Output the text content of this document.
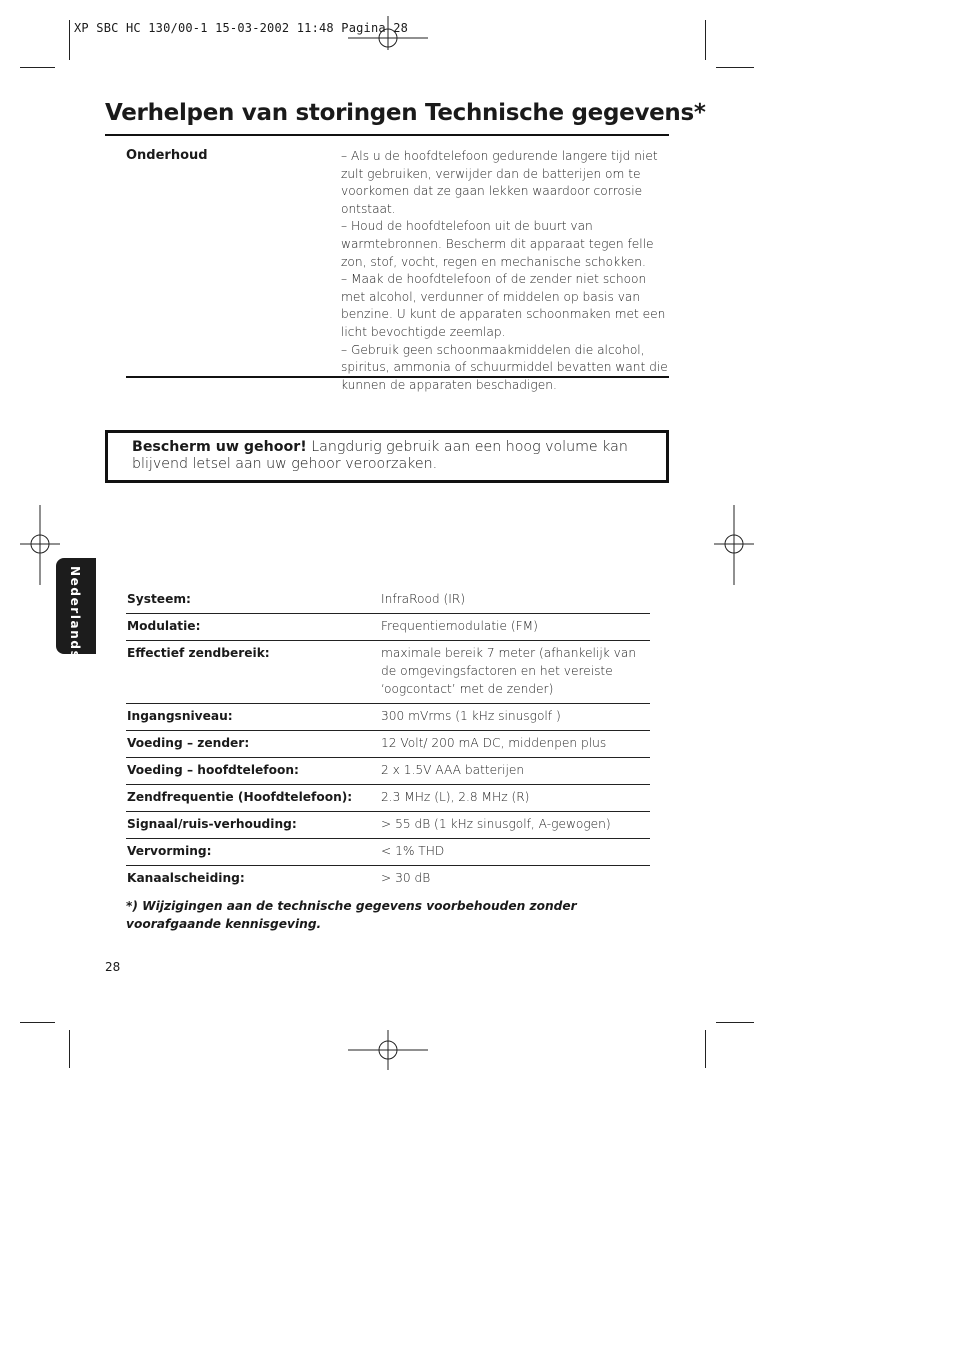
XP SBC HC 130/00-1 15-03-2002 11:48 Pagina 28
Verhelpen van storingen Technische gegevens*
Onderhoud	– Als u de hoofdtelefoon gedurende langere tijd niet zult gebruiken, verwijder dan de batterijen om te voorkomen dat ze gaan lekken waardoor corrosie ontstaat.

– Houd de hoofdtelefoon uit de buurt van warmtebronnen. Bescherm dit apparaat tegen felle zon, stof, vocht, regen en mechanische schokken.

– Maak de hoofdtelefoon of de zender niet schoon met alcohol, verdunner of middelen op basis van benzine. U kunt de apparaten schoonmaken met een licht bevochtigde zeemlap.

– Gebruik geen schoonmaakmiddelen die alcohol, spiritus, ammonia of schuurmiddel bevatten want die kunnen de apparaten beschadigen.

Bescherm uw gehoor! Langdurig gebruik aan een hoog volume kan blijvend letsel aan uw gehoor veroorzaken.
Nederlands	Systeem:	InfraRood (IR)
Modulatie:	Frequentiemodulatie (FM)
Effectief zendbereik:	maximale bereik 7 meter (afhankelijk van de omgevingsfactoren en het vereiste ‘oogcontact’ met de zender)
Ingangsniveau:	300 mVrms (1 kHz sinusgolf )
Voeding – zender:	12 Volt/ 200 mA DC, middenpen plus
Voeding – hoofdtelefoon:	2 x 1.5V AAA batterijen
Zendfrequentie (Hoofdtelefoon):	2.3 MHz (L), 2.8 MHz (R)
Signaal/ruis-verhouding:	> 55 dB (1 kHz sinusgolf, A-gewogen)
Vervorming:	< 1% THD
Kanaalscheiding:	> 30 dB
*) Wijzigingen aan de technische gegevens voorbehouden zonder voorafgaande kennisgeving.
28
